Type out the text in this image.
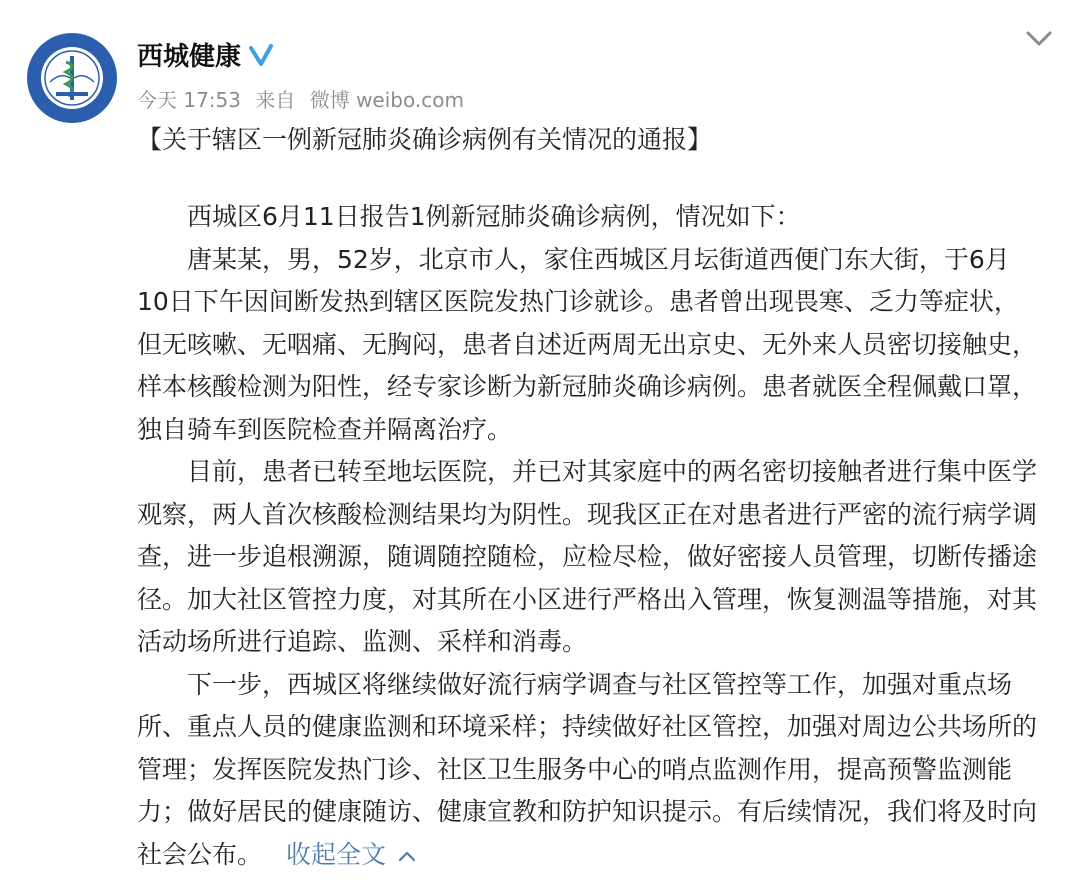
西城健康
今天 17:53 来自 微博 weibo.com
【关于辖区一例新冠肺炎确诊病例有关情况的通报】

西城区6月11日报告1例新冠肺炎确诊病例，情况如下：

唐某某，男，52岁，北京市人，家住西城区月坛街道西便门东大街，于6月10日下午因间断发热到辖区医院发热门诊就诊。患者曾出现畏寒、乏力等症状，但无咳嗽、无咽痛、无胸闷，患者自述近两周无出京史、无外来人员密切接触史，样本核酸检测为阳性，经专家诊断为新冠肺炎确诊病例。患者就医全程佩戴口罩，独自骑车到医院检查并隔离治疗。

目前，患者已转至地坛医院，并已对其家庭中的两名密切接触者进行集中医学观察，两人首次核酸检测结果均为阴性。现我区正在对患者进行严密的流行病学调查，进一步追根溯源，随调随控随检，应检尽检，做好密接人员管理，切断传播途径。加大社区管控力度，对其所在小区进行严格出入管理，恢复测温等措施，对其活动场所进行追踪、监测、采样和消毒。

下一步，西城区将继续做好流行病学调查与社区管控等工作，加强对重点场所、重点人员的健康监测和环境采样；持续做好社区管控，加强对周边公共场所的管理；发挥医院发热门诊、社区卫生服务中心的哨点监测作用，提高预警监测能力；做好居民的健康随访、健康宣教和防护知识提示。有后续情况，我们将及时向社会公布。 收起全文
